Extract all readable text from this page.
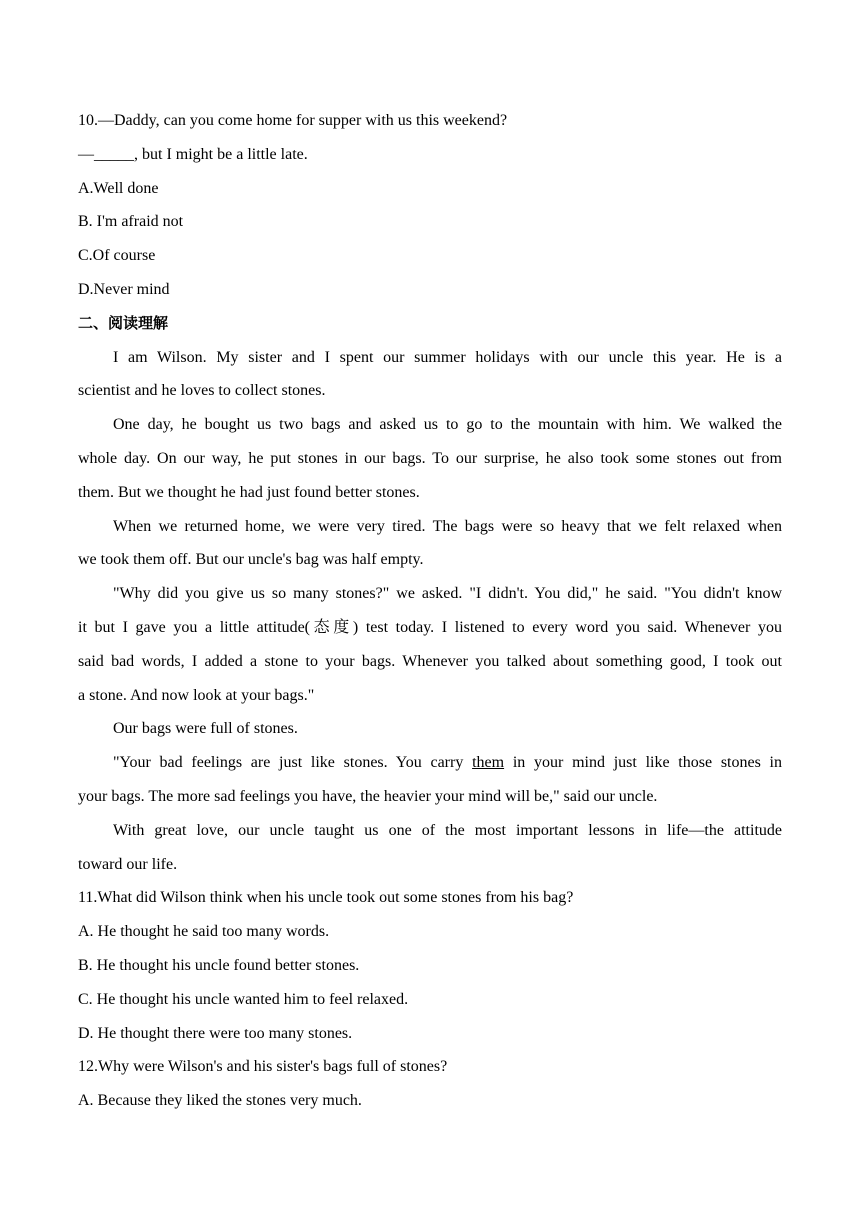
10.—Daddy, can you come home for supper with us this weekend?
—_____, but I might be a little late.
A.Well done
B. I'm afraid not
C.Of course
D.Never mind
二、阅读理解
I am Wilson. My sister and I spent our summer holidays with our uncle this year. He is a
scientist and he loves to collect stones.
One day, he bought us two bags and asked us to go to the mountain with him. We walked the
whole day. On our way, he put stones in our bags. To our surprise, he also took some stones out from
them. But we thought he had just found better stones.
When we returned home, we were very tired. The bags were so heavy that we felt relaxed when
we took them off. But our uncle's bag was half empty.
"Why did you give us so many stones?" we asked. "I didn't. You did," he said. "You didn't know
it but I gave you a little attitude(态度) test today. I listened to every word you said. Whenever you
said bad words, I added a stone to your bags. Whenever you talked about something good, I took out
a stone. And now look at your bags."
Our bags were full of stones.
"Your bad feelings are just like stones. You carry them in your mind just like those stones in
your bags. The more sad feelings you have, the heavier your mind will be," said our uncle.
With great love, our uncle taught us one of the most important lessons in life—the attitude
toward our life.
11.What did Wilson think when his uncle took out some stones from his bag?
A. He thought he said too many words.
B. He thought his uncle found better stones.
C. He thought his uncle wanted him to feel relaxed.
D. He thought there were too many stones.
12.Why were Wilson's and his sister's bags full of stones?
A. Because they liked the stones very much.
